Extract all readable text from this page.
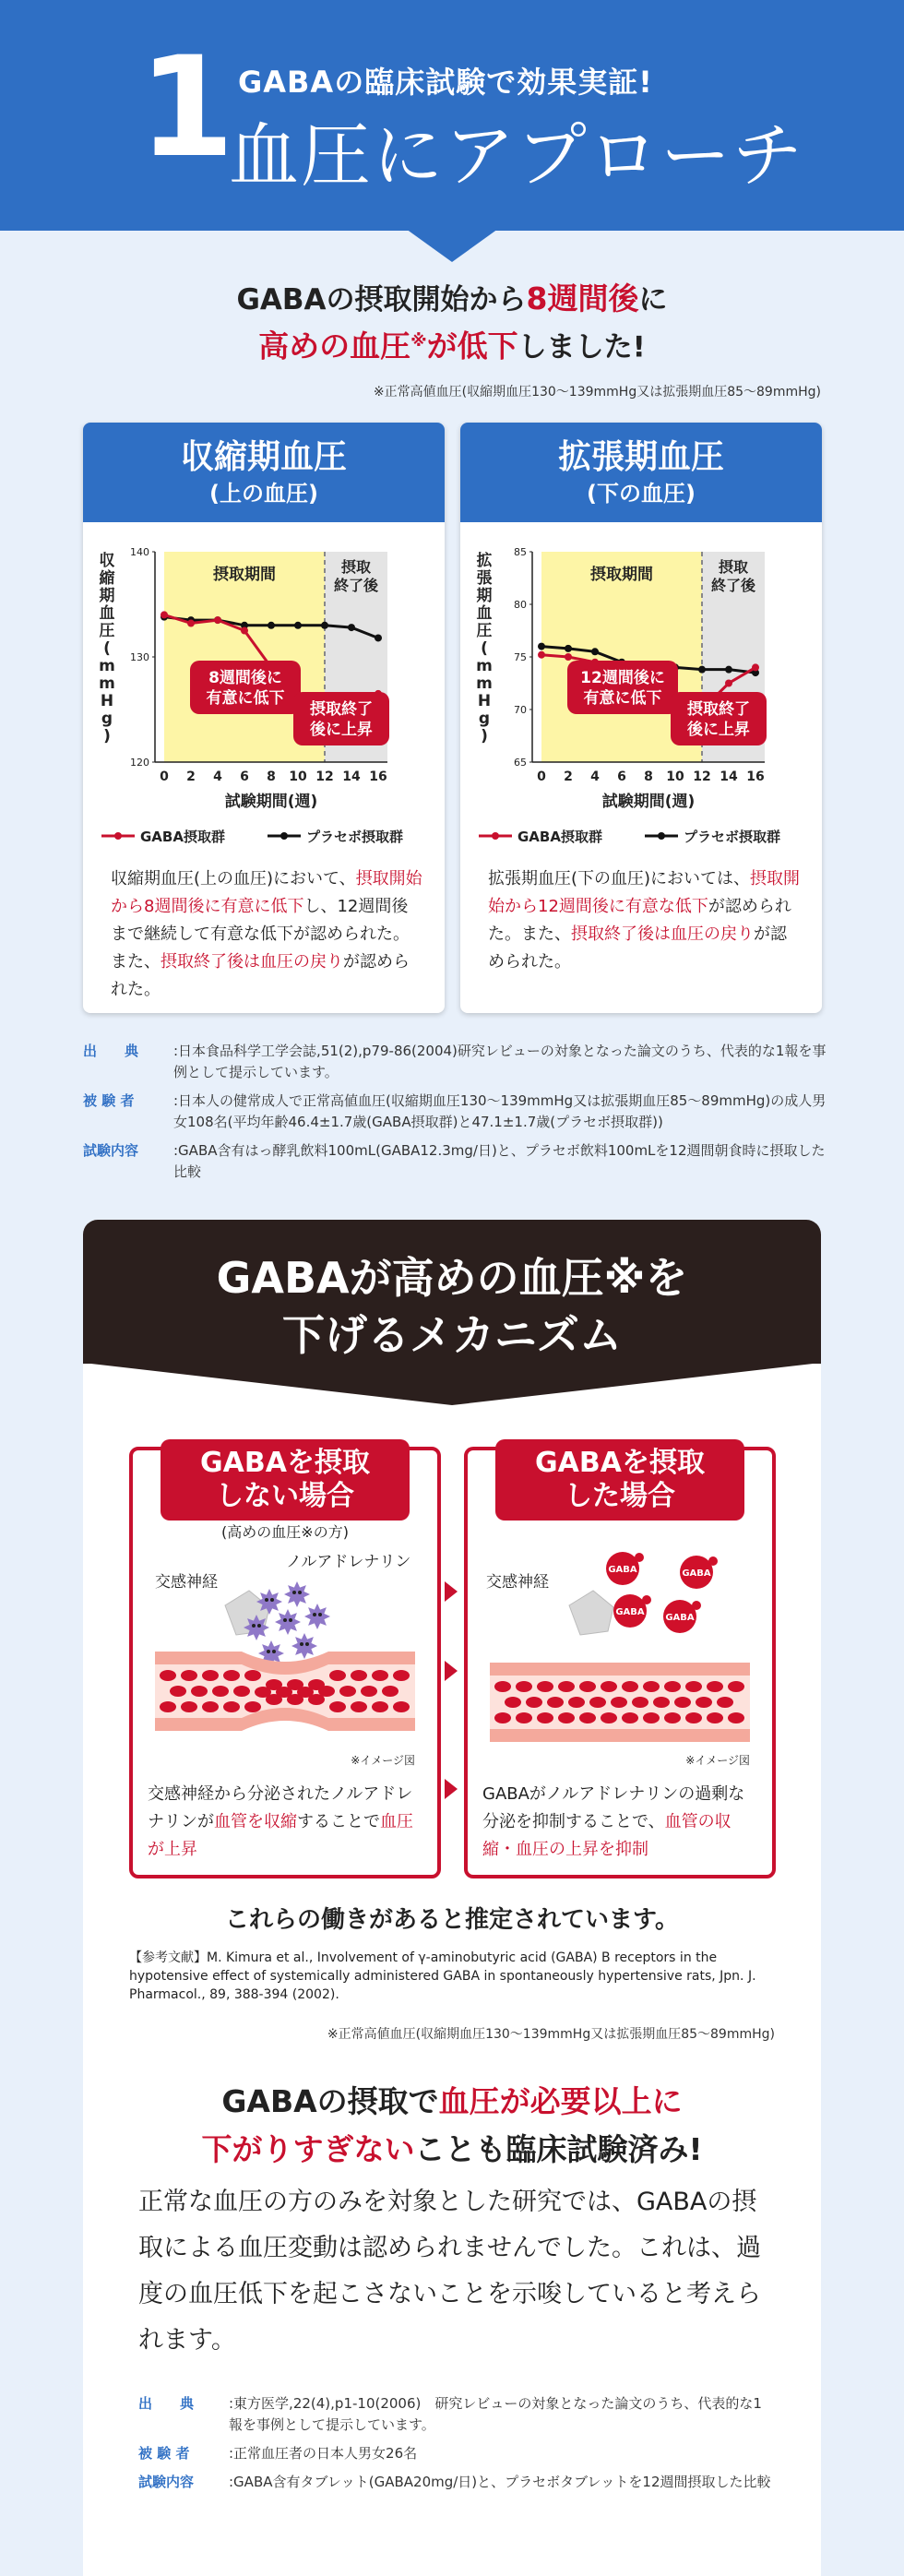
1 GABAの臨床試験で効果実証!
血圧にアプローチ
GABAの摂取開始から8週間後に
高めの血圧※が低下しました!
※正常高値血圧(収縮期血圧130〜139mmHg又は拡張期血圧85〜89mmHg)
収縮期血圧
(上の血圧)
140
130
120
0 2 4 6 8 10 12 14 16
収縮期血圧( m m H g )
試験期間(週)
摂取期間	摂取
終了後
8週間後に
有意に低下
摂取終了
後に上昇
GABA摂取群	プラセボ摂取群
収縮期血圧(上の血圧)において、摂取開始から8週間後に有意に低下し、12週間後まで継続して有意な低下が認められた。また、摂取終了後は血圧の戻りが認められた。
拡張期血圧
(下の血圧)
85
80
75
70
65
0 2 4 6 8 10 12 14 16
拡張期血圧( m m H g )
試験期間(週)
摂取期間	摂取
終了後
12週間後に
有意に低下
摂取終了
後に上昇
GABA摂取群	プラセボ摂取群
拡張期血圧(下の血圧)においては、摂取開始から12週間後に有意な低下が認められた。また、摂取終了後は血圧の戻りが認められた。
出　　典	:日本食品科学工学会誌,51(2),p79-86(2004)研究レビューの対象となった論文のうち、代表的な1報を事例として提示しています。
被 験 者	:日本人の健常成人で正常高値血圧(収縮期血圧130〜139mmHg又は拡張期血圧85〜89mmHg)の成人男女108名(平均年齢46.4±1.7歳(GABA摂取群)と47.1±1.7歳(プラセボ摂取群))
試験内容	:GABA含有はっ酵乳飲料100mL(GABA12.3mg/日)と、プラセボ飲料100mLを12週間朝食時に摂取した比較
GABAが高めの血圧※を
下げるメカニズム
GABAを摂取
しない場合
(高めの血圧※の方)
交感神経
ノルアドレナリン
※イメージ図
交感神経から分泌されたノルアドレナリンが血管を収縮することで血圧が上昇
GABAを摂取
した場合
交感神経
GABA	GABA
GABA
GABA
※イメージ図
GABAがノルアドレナリンの過剰な分泌を抑制することで、血管の収縮・血圧の上昇を抑制
これらの働きがあると推定されています。
【参考文献】M. Kimura et al., Involvement of γ-aminobutyric acid (GABA) B receptors in the hypotensive effect of systemically administered GABA in spontaneously hypertensive rats, Jpn. J. Pharmacol., 89, 388-394 (2002).
※正常高値血圧(収縮期血圧130〜139mmHg又は拡張期血圧85〜89mmHg)
GABAの摂取で血圧が必要以上に
下がりすぎないことも臨床試験済み!
正常な血圧の方のみを対象とした研究では、GABAの摂取による血圧変動は認められませんでした。これは、過度の血圧低下を起こさないことを示唆していると考えられます。
出　　典	:東方医学,22(4),p1-10(2006)　研究レビューの対象となった論文のうち、代表的な1報を事例として提示しています。
被 験 者	:正常血圧者の日本人男女26名
試験内容	:GABA含有タブレット(GABA20mg/日)と、プラセボタブレットを12週間摂取した比較
